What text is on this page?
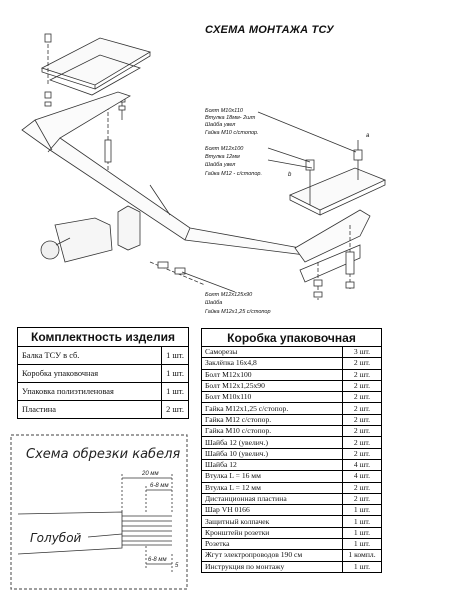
Болт М10х110
Втулка 18мм- 2шт
Шайба увел
Гайка М10 с/стопор.
Болт М12х100
Втулка 12мм
Шайба увел
Гайка М12 - с/стопор.
Болт М12х125х90
Шайба
Гайка М12х1,25 с/стопор
a
b
СХЕМА МОНТАЖА ТСУ
Комплектность изделия	
Балка ТСУ в сб.	1 шт.
Коробка упаковочная	1 шт.
Упаковка полиэтиленовая	1 шт.
Пластина	2 шт.
Коробка упаковочная	
Саморезы	3 шт.
Заклёпка 16х4,8	2 шт.
Болт М12х100	2 шт.
Болт М12х1,25х90	2 шт.
Болт М10х110	2 шт.
Гайка М12х1,25 с/стопор.	2 шт.
Гайка М12 с/стопор.	2 шт.
Гайка М10 с/стопор.	2 шт.
Шайба 12 (увелич.)	2 шт.
Шайба 10 (увелич.)	2 шт.
Шайба 12	4 шт.
Втулка L = 16 мм	4 шт.
Втулка L = 12 мм	2 шт.
Дистанционная пластина	2 шт.
Шар VH 0166	1 шт.
Защитный колпачек	1 шт.
Кронштейн розетки	1 шт.
Розетка	1 шт.
Жгут электропроводов 190 см	1 компл.
Инструкция по монтажу	1 шт.
Схема обрезки кабеля
20 мм
6-8 мм
6-8 мм
5
Голубой
